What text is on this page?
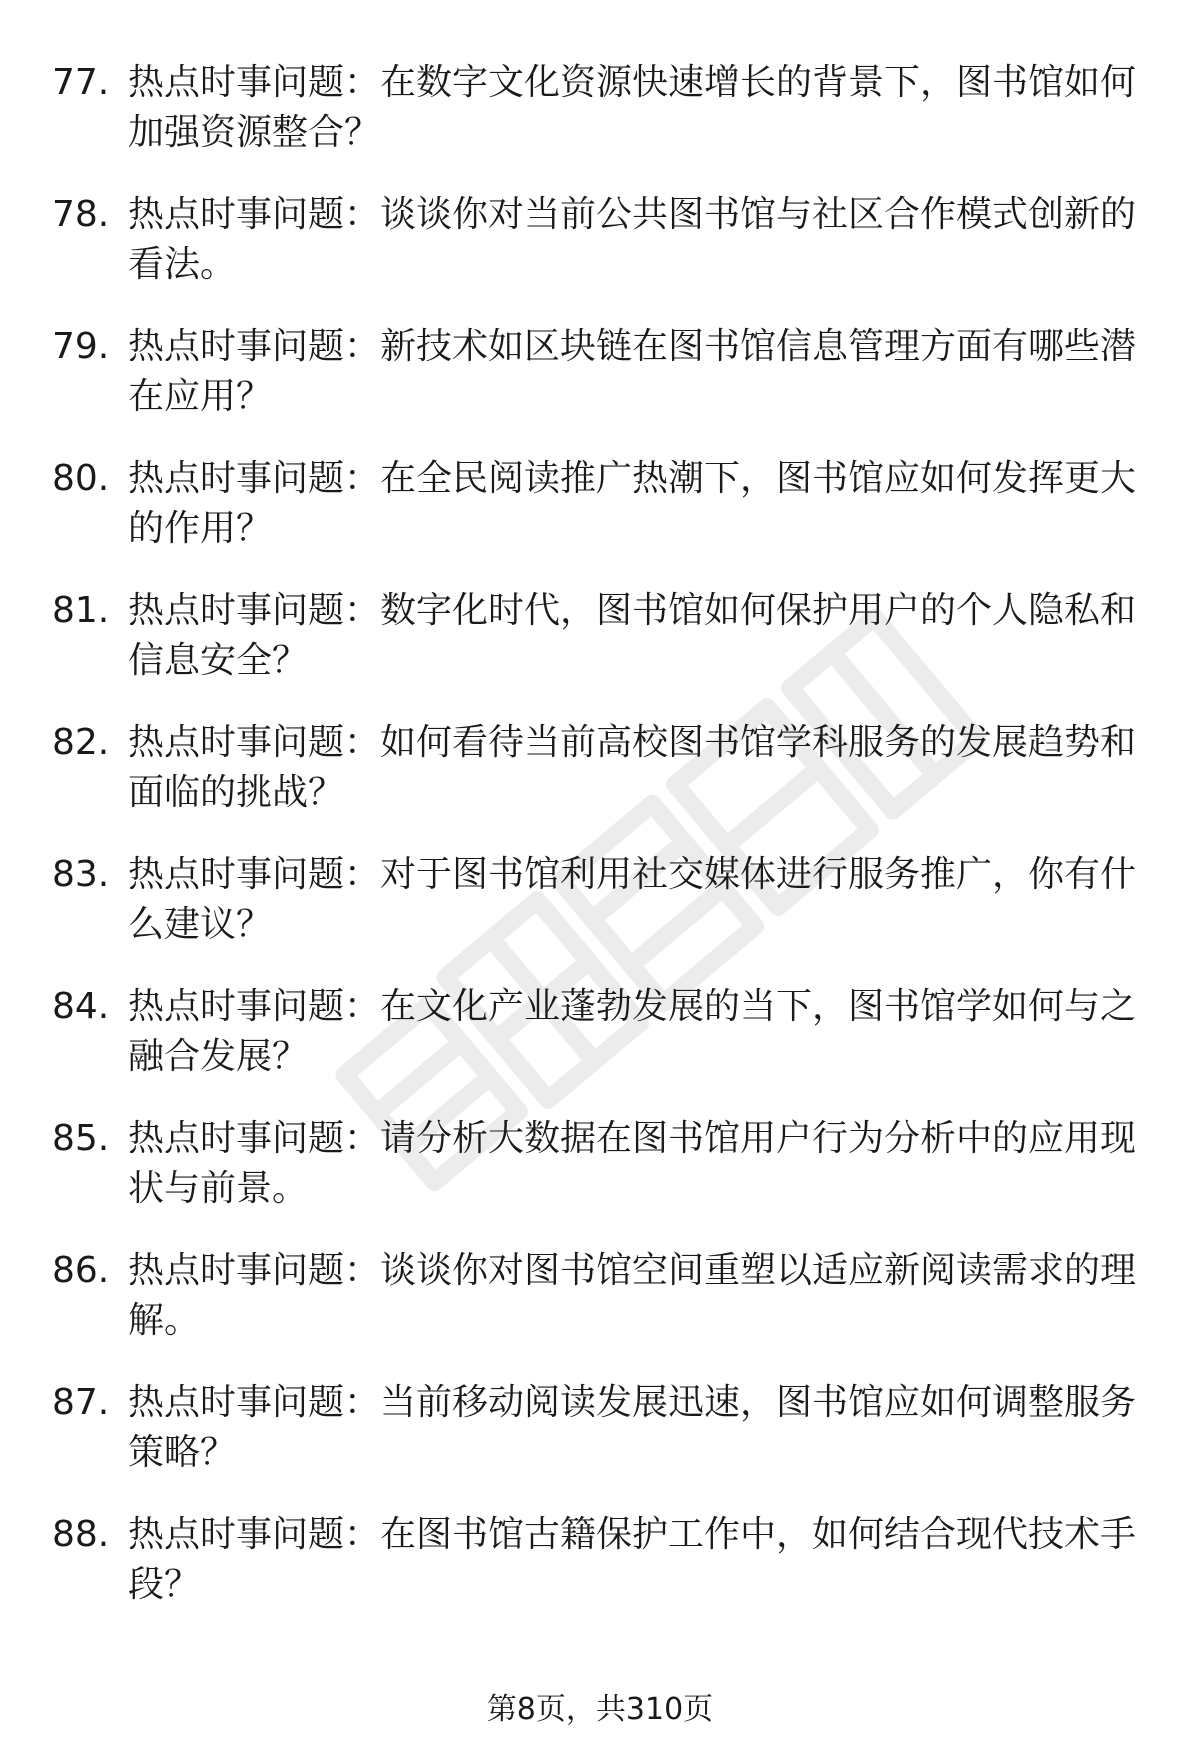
77. 热点时事问题：在数字文化资源快速增长的背景下，图书馆如何加强资源整合？
78. 热点时事问题：谈谈你对当前公共图书馆与社区合作模式创新的看法。
79. 热点时事问题：新技术如区块链在图书馆信息管理方面有哪些潜在应用？
80. 热点时事问题：在全民阅读推广热潮下，图书馆应如何发挥更大的作用？
81. 热点时事问题：数字化时代，图书馆如何保护用户的个人隐私和信息安全？
82. 热点时事问题：如何看待当前高校图书馆学科服务的发展趋势和面临的挑战？
83. 热点时事问题：对于图书馆利用社交媒体进行服务推广，你有什么建议？
84. 热点时事问题：在文化产业蓬勃发展的当下，图书馆学如何与之融合发展？
85. 热点时事问题：请分析大数据在图书馆用户行为分析中的应用现状与前景。
86. 热点时事问题：谈谈你对图书馆空间重塑以适应新阅读需求的理解。
87. 热点时事问题：当前移动阅读发展迅速，图书馆应如何调整服务策略？
88. 热点时事问题：在图书馆古籍保护工作中，如何结合现代技术手段？
第8页，共310页
